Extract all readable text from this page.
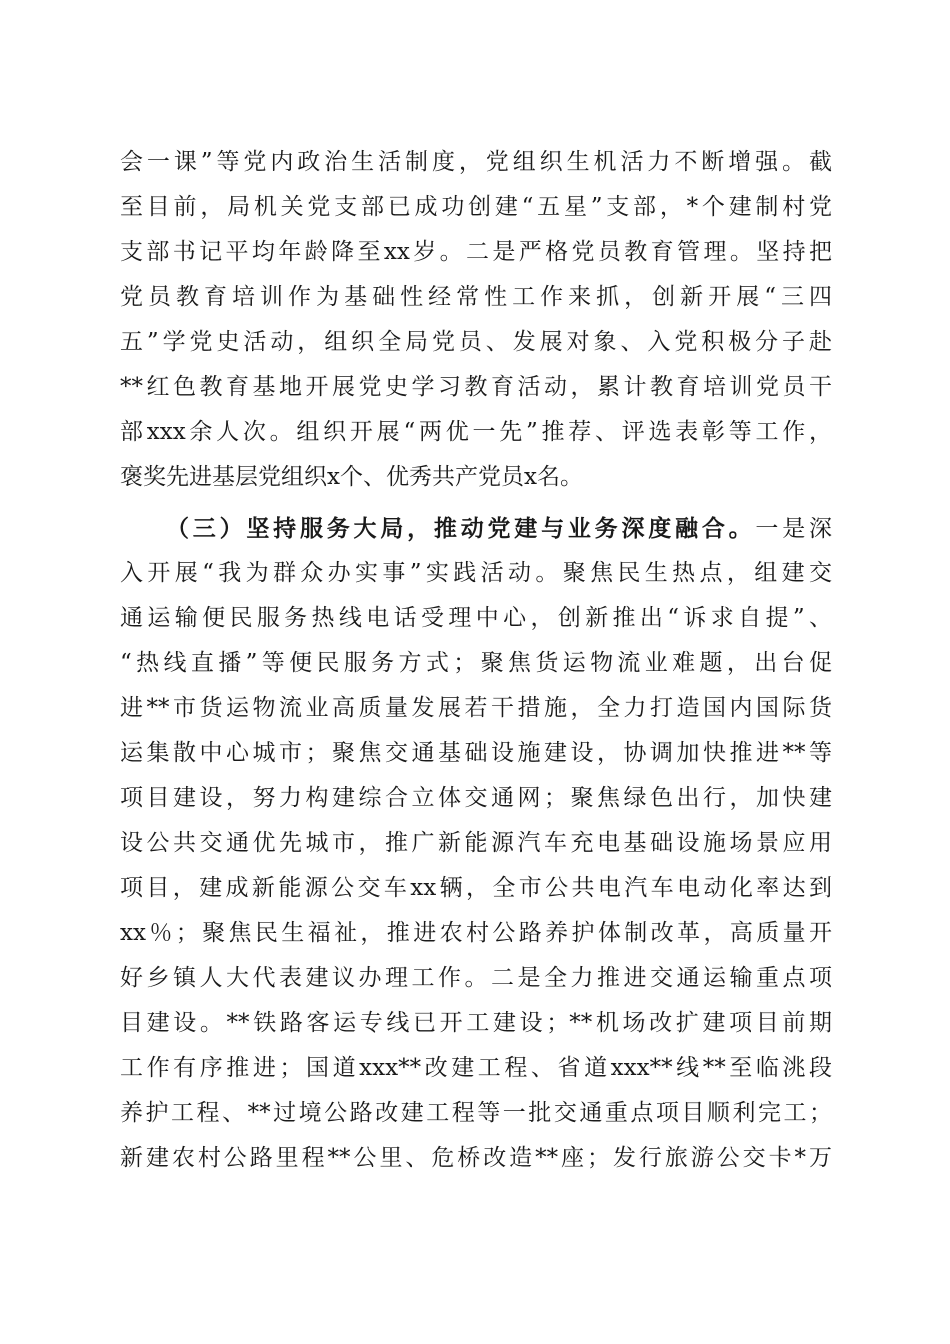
会一课”等党内政治生活制度，党组织生机活力不断增强。截
至目前，局机关党支部已成功创建“五星”支部，*个建制村党
支部书记平均年龄降至xx岁。二是严格党员教育管理。坚持把
党员教育培训作为基础性经常性工作来抓，创新开展“三四
五”学党史活动，组织全局党员、发展对象、入党积极分子赴
**红色教育基地开展党史学习教育活动，累计教育培训党员干
部xxx余人次。组织开展“两优一先”推荐、评选表彰等工作，
褒奖先进基层党组织x个、优秀共产党员x名。
（三）坚持服务大局，推动党建与业务深度融合。一是深
入开展“我为群众办实事”实践活动。聚焦民生热点，组建交
通运输便民服务热线电话受理中心，创新推出“诉求自提”、
“热线直播”等便民服务方式；聚焦货运物流业难题，出台促
进**市货运物流业高质量发展若干措施，全力打造国内国际货
运集散中心城市；聚焦交通基础设施建设，协调加快推进**等
项目建设，努力构建综合立体交通网；聚焦绿色出行，加快建
设公共交通优先城市，推广新能源汽车充电基础设施场景应用
项目，建成新能源公交车xx辆，全市公共电汽车电动化率达到
xx％；聚焦民生福祉，推进农村公路养护体制改革，高质量开
好乡镇人大代表建议办理工作。二是全力推进交通运输重点项
目建设。**铁路客运专线已开工建设；**机场改扩建项目前期
工作有序推进；国道xxx**改建工程、省道xxx**线**至临洮段
养护工程、**过境公路改建工程等一批交通重点项目顺利完工；
新建农村公路里程**公里、危桥改造**座；发行旅游公交卡*万
